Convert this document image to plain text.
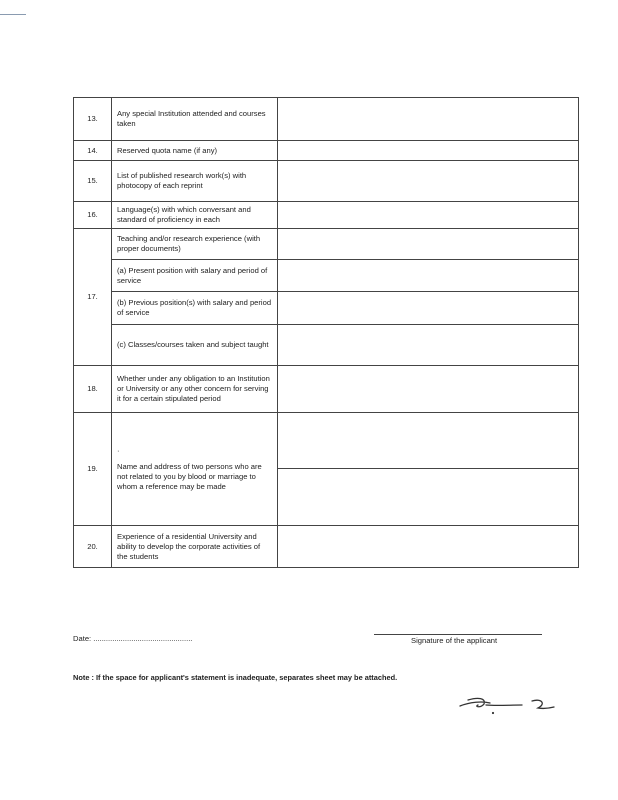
13.	Any special Institution attended and courses taken	
14.	Reserved quota name (if any)	
15.	List of published research work(s) with photocopy of each reprint	
16.	Language(s) with which conversant and standard of proficiency in each	
17.	Teaching and/or research experience (with proper documents)	
	(a) Present position with salary and period of service	
	(b) Previous position(s) with salary and period of service	
	(c) Classes/courses taken and subject taught	
18.	Whether under any obligation to an Institution or University or any other concern for serving it for a certain stipulated period	
19.	·
Name and address of two persons who are not related to you by blood or marriage to whom a reference may be made	

20.	Experience of a residential University and ability to develop the corporate activities of the students	
Date: ...............................................	Signature of the applicant
Note : If the space for applicant's statement is inadequate, separates sheet may be attached.
